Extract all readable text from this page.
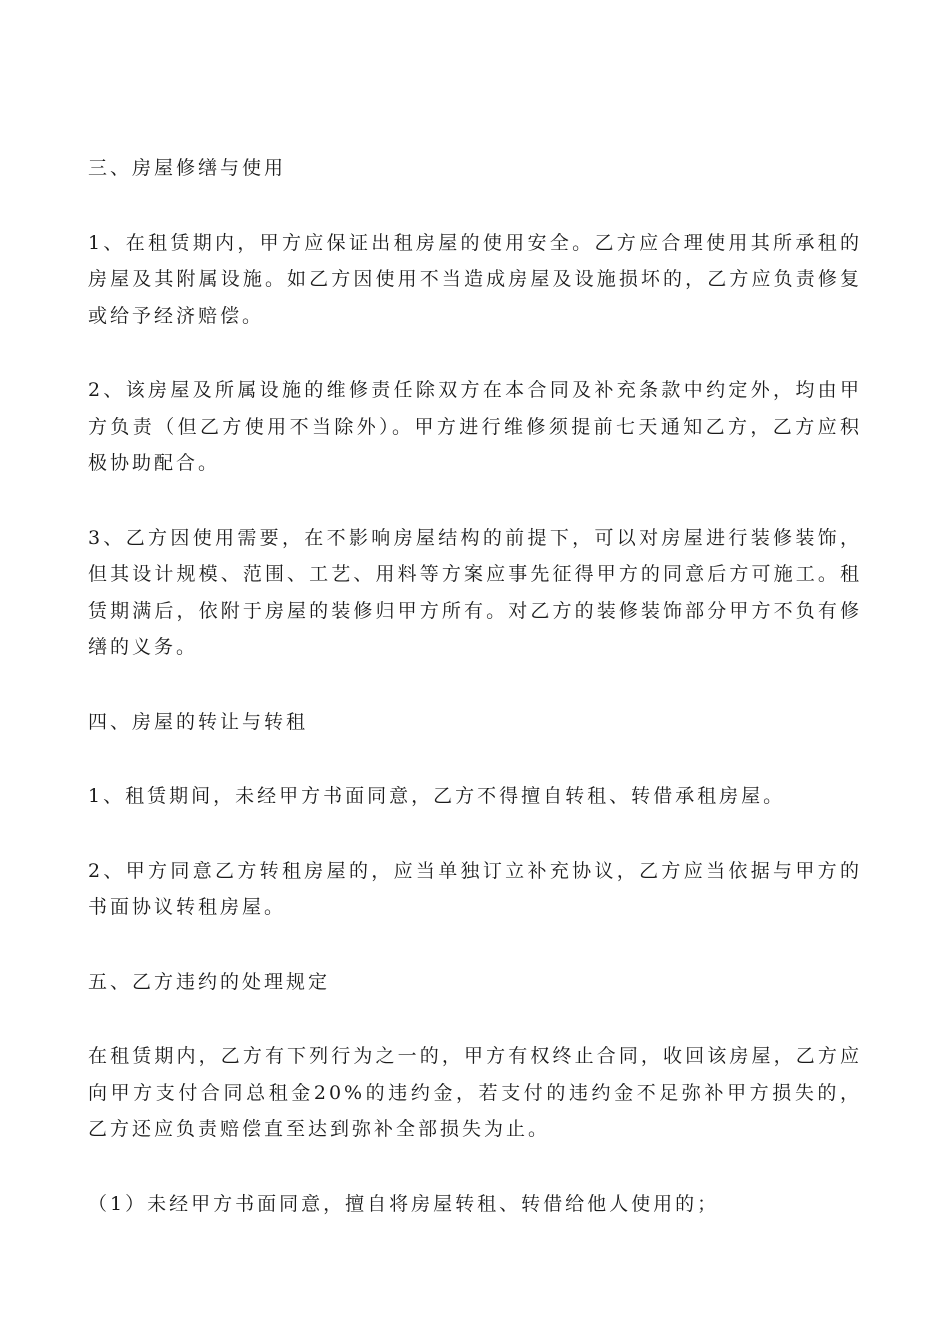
三、房屋修缮与使用

1、在租赁期内，甲方应保证出租房屋的使用安全。乙方应合理使用其所承租的房屋及其附属设施。如乙方因使用不当造成房屋及设施损坏的，乙方应负责修复或给予经济赔偿。

2、该房屋及所属设施的维修责任除双方在本合同及补充条款中约定外，均由甲方负责（但乙方使用不当除外）。甲方进行维修须提前七天通知乙方，乙方应积极协助配合。

3、乙方因使用需要，在不影响房屋结构的前提下，可以对房屋进行装修装饰，但其设计规模、范围、工艺、用料等方案应事先征得甲方的同意后方可施工。租赁期满后，依附于房屋的装修归甲方所有。对乙方的装修装饰部分甲方不负有修缮的义务。

四、房屋的转让与转租

1、租赁期间，未经甲方书面同意，乙方不得擅自转租、转借承租房屋。

2、甲方同意乙方转租房屋的，应当单独订立补充协议，乙方应当依据与甲方的书面协议转租房屋。

五、乙方违约的处理规定

在租赁期内，乙方有下列行为之一的，甲方有权终止合同，收回该房屋，乙方应向甲方支付合同总租金20%的违约金，若支付的违约金不足弥补甲方损失的，乙方还应负责赔偿直至达到弥补全部损失为止。

（1）未经甲方书面同意，擅自将房屋转租、转借给他人使用的；
